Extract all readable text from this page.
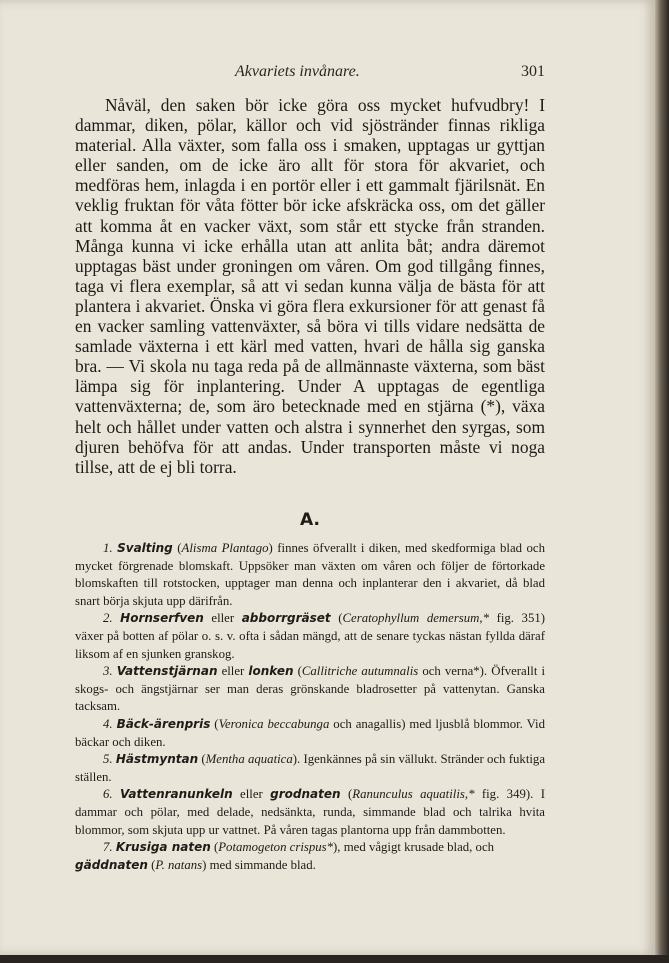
Akvariets invånare.	301

Nåväl, den saken bör icke göra oss mycket hufvudbry! I dammar, diken, pölar, källor och vid sjöstränder finnas rikliga material. Alla växter, som falla oss i smaken, upptagas ur gyttjan eller sanden, om de icke äro allt för stora för akvariet, och medföras hem, inlagda i en portör eller i ett gammalt fjärilsnät. En veklig fruktan för våta fötter bör icke afskräcka oss, om det gäller att komma åt en vacker växt, som står ett stycke från stranden. Många kunna vi icke erhålla utan att anlita båt; andra däremot upptagas bäst under groningen om våren. Om god tillgång finnes, taga vi flera exemplar, så att vi sedan kunna välja de bästa för att plantera i akvariet. Önska vi göra flera exkursioner för att genast få en vacker samling vattenväxter, så böra vi tills vidare nedsätta de samlade växterna i ett kärl med vatten, hvari de hålla sig ganska bra. — Vi skola nu taga reda på de allmännaste växterna, som bäst lämpa sig för inplantering. Under A upptagas de egentliga vattenväxterna; de, som äro betecknade med en stjärna (*), växa helt och hållet under vatten och alstra i synnerhet den syrgas, som djuren behöfva för att andas. Under transporten måste vi noga tillse, att de ej bli torra.

A.

1. Svalting (Alisma Plantago) finnes öfverallt i diken, med skedformiga blad och mycket förgrenade blomskaft. Uppsöker man växten om våren och följer de förtorkade blomskaften till rotstocken, upptager man denna och inplanterar den i akvariet, då blad snart börja skjuta upp därifrån.

2. Hornserfven eller abborrgräset (Ceratophyllum demersum,* fig. 351) växer på botten af pölar o. s. v. ofta i sådan mängd, att de senare tyckas nästan fyllda däraf liksom af en sjunken granskog.

3. Vattenstjärnan eller lonken (Callitriche autumnalis och verna*). Öfverallt i skogs- och ängstjärnar ser man deras grönskande bladrosetter på vattenytan. Ganska tacksam.

4. Bäck-ärenpris (Veronica beccabunga och anagallis) med ljusblå blommor. Vid bäckar och diken.

5. Hästmyntan (Mentha aquatica). Igenkännes på sin vällukt. Stränder och fuktiga ställen.

6. Vattenranunkeln eller grodnaten (Ranunculus aquatilis,* fig. 349). I dammar och pölar, med delade, nedsänkta, runda, simmande blad och talrika hvita blommor, som skjuta upp ur vattnet. På våren tagas plantorna upp från dammbotten.

7. Krusiga naten (Potamogeton crispus*), med vågigt krusade blad, och

gäddnaten (P. natans) med simmande blad.
